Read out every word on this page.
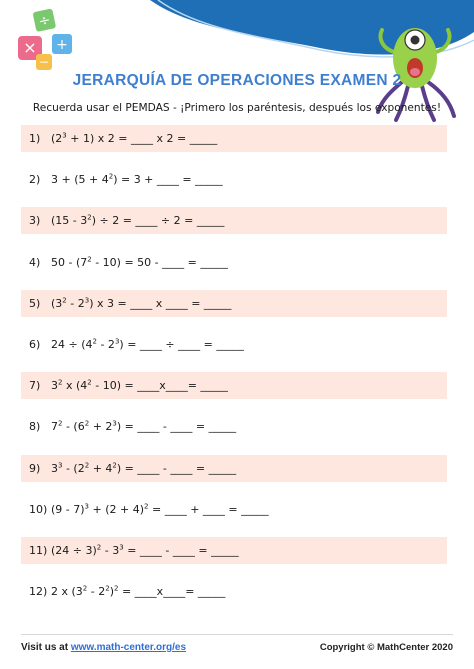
÷
× +
−
JERARQUÍA DE OPERACIONES EXAMEN 2
Recuerda usar el PEMDAS - ¡Primero los paréntesis, después los exponentes!
1) $(2^3 + 1)$ x 2 = ____ x 2 = _____
2) $3 + (5 + 4^2) = 3$ + ____ = _____
3) $(15 - 3^2) \div 2$ = ____ ÷ 2 = _____
4) $50 - (7^2 - 10) = 50$ - ____ = _____
5) $(3^2 - 2^3)$ x 3 = ____ x ____ = _____
6) $24 \div (4^2 - 2^3)$ = ____ ÷ ____ = _____
7) $3^2$ x $(4^2 - 10)$ = ____x____= _____
8) $7^2 - (6^2 + 2^3)$ = ____ - ____ = _____
9) $3^3 - (2^2 + 4^2)$ = ____ - ____ = _____
10) $(9 - 7)^3 + (2 + 4)^2$ = ____ + ____ = _____
11) $(24 \div 3)^2 - 3^3$ = ____ - ____ = _____
12) 2 x $(3^2 - 2^2)^2$ = ____x____= _____
Visit us at www.math-center.org/es	Copyright © MathCenter 2020
